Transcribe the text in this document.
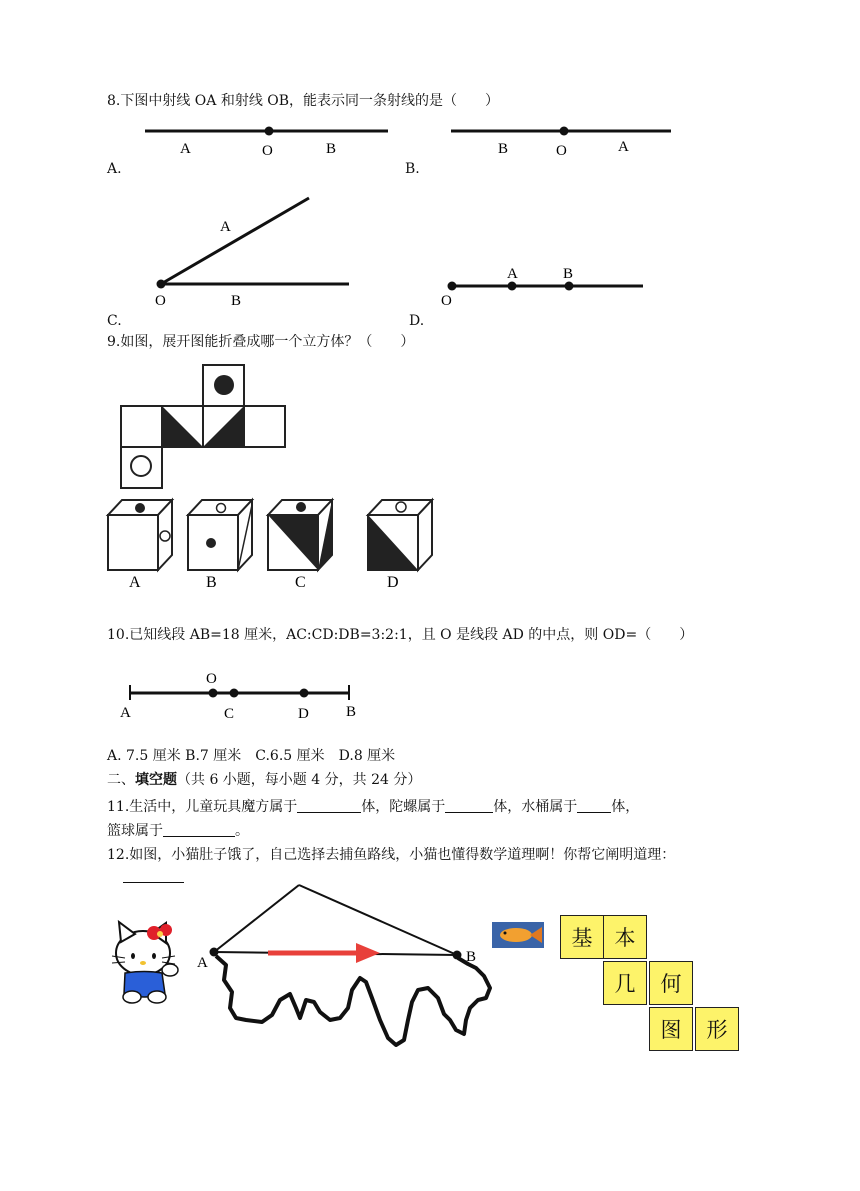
8.下图中射线 OA 和射线 OB，能表示同一条射线的是（　　）
A	O	B	B	O	A
A
O	B
A	B
O
A.	B.
C.	D.
9.如图，展开图能折叠成哪一个立方体？（　　）
A	B	C	D
10.已知线段 AB=18 厘米，AC:CD:DB=3:2:1，且 O 是线段 AD 的中点，则 OD=（　　）
O
A	C	D B
A. 7.5 厘米 B.7 厘米　C.6.5 厘米　D.8 厘米
二、填空题（共 6 小题，每小题 4 分，共 24 分）
11.生活中，儿童玩具魔方属于	体，陀螺属于	体，水桶属于 体，
篮球属于	。
12.如图，小猫肚子饿了，自己选择去捕鱼路线，小猫也懂得数学道理啊！你帮它阐明道理：
A	B
基	本
几	何
图	形
